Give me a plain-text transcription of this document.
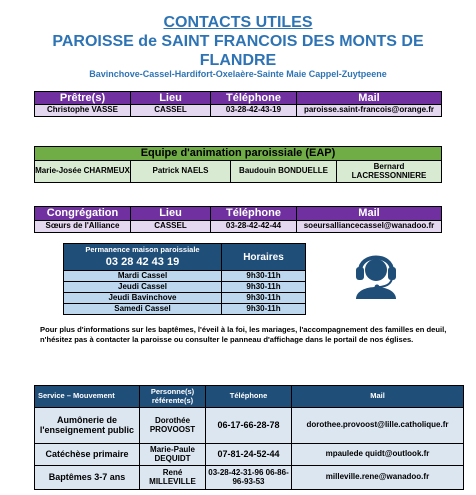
CONTACTS UTILES
PAROISSE de SAINT FRANCOIS DES MONTS DE
FLANDRE
Bavinchove-Cassel-Hardifort-Oxelaère-Sainte Maie Cappel-Zuytpeene
Prêtre(s)	Lieu	Téléphone	Mail
Christophe VASSE	CASSEL	03-28-42-43-19	paroisse.saint-francois@orange.fr
Equipe d'animation paroissiale (EAP)
Marie-Josée CHARMEUX	Patrick NAELS	Baudouin BONDUELLE	Bernard LACRESSONNIERE
Congrégation	Lieu	Téléphone	Mail
Sœurs de l'Alliance	CASSEL	03-28-42-42-44	soeursalliancecassel@wanadoo.fr
Permanence maison paroissiale
03 28 42 43 19	Horaires
Mardi Cassel	9h30-11h
Jeudi Cassel	9h30-11h
Jeudi Bavinchove	9h30-11h
Samedi Cassel	9h30-11h
Pour plus d'informations sur les baptêmes, l'éveil à la foi, les mariages, l'accompagnement des familles en deuil, n'hésitez pas à contacter la paroisse ou consulter le panneau d'affichage dans le portail de nos églises.
Service – Mouvement	Personne(s) référente(s)	Téléphone	Mail
Aumônerie de l'enseignement public	Dorothée PROVOOST	06-17-66-28-78	dorothee.provoost@lille.catholique.fr
Catéchèse primaire	Marie-Paule DEQUIDT	07-81-24-52-44	mpaulede quidt@outlook.fr
Baptêmes 3-7 ans	René MILLEVILLE	03-28-42-31-96 06-86-96-93-53	milleville.rene@wanadoo.fr
